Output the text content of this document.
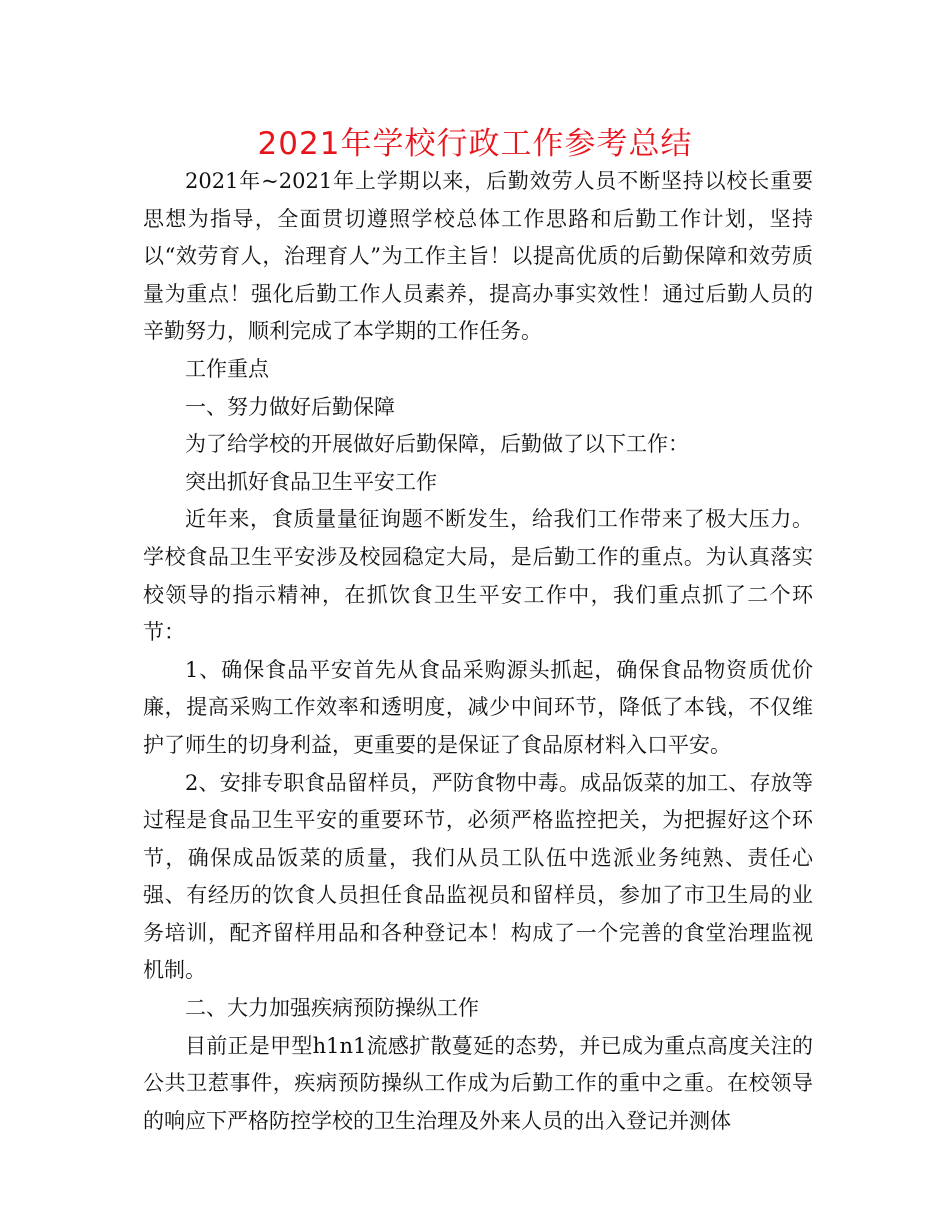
2021年学校行政工作参考总结

2021年~2021年上学期以来，后勤效劳人员不断坚持以校长重要思想为指导，全面贯切遵照学校总体工作思路和后勤工作计划，坚持以“效劳育人，治理育人”为工作主旨！以提高优质的后勤保障和效劳质量为重点！强化后勤工作人员素养，提高办事实效性！通过后勤人员的辛勤努力，顺利完成了本学期的工作任务。

工作重点

一、努力做好后勤保障

为了给学校的开展做好后勤保障，后勤做了以下工作：

突出抓好食品卫生平安工作

近年来，食质量量征询题不断发生，给我们工作带来了极大压力。学校食品卫生平安涉及校园稳定大局，是后勤工作的重点。为认真落实校领导的指示精神，在抓饮食卫生平安工作中，我们重点抓了二个环节：

1、确保食品平安首先从食品采购源头抓起，确保食品物资质优价廉，提高采购工作效率和透明度，减少中间环节，降低了本钱，不仅维护了师生的切身利益，更重要的是保证了食品原材料入口平安。

2、安排专职食品留样员，严防食物中毒。成品饭菜的加工、存放等过程是食品卫生平安的重要环节，必须严格监控把关，为把握好这个环节，确保成品饭菜的质量，我们从员工队伍中选派业务纯熟、责任心强、有经历的饮食人员担任食品监视员和留样员，参加了市卫生局的业务培训，配齐留样用品和各种登记本！构成了一个完善的食堂治理监视机制。

二、大力加强疾病预防操纵工作

目前正是甲型h1n1流感扩散蔓延的态势，并已成为重点高度关注的公共卫惹事件，疾病预防操纵工作成为后勤工作的重中之重。在校领导的响应下严格防控学校的卫生治理及外来人员的出入登记并测体
